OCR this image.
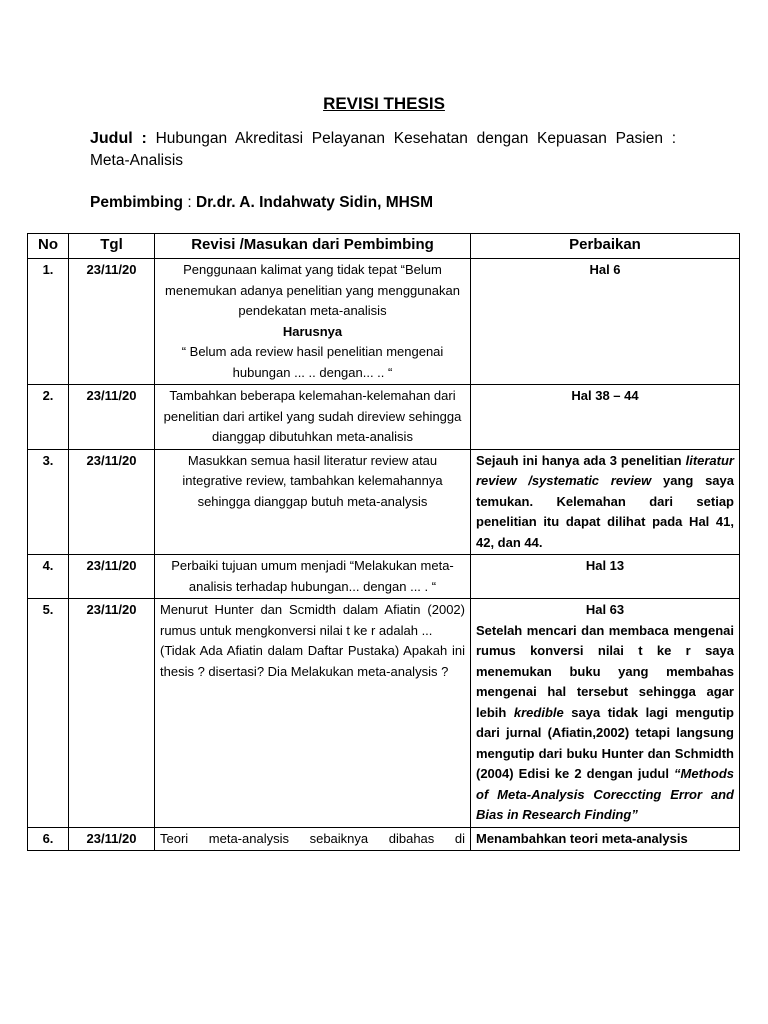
REVISI THESIS
Judul : Hubungan Akreditasi Pelayanan Kesehatan dengan Kepuasan Pasien : Meta-Analisis
Pembimbing : Dr.dr. A. Indahwaty Sidin, MHSM
No	Tgl	Revisi /Masukan dari Pembimbing	Perbaikan
1.	23/11/20	Penggunaan kalimat yang tidak tepat “Belum menemukan adanya penelitian yang menggunakan pendekatan meta-analisis
Harusnya
“ Belum ada review hasil penelitian mengenai hubungan ... .. dengan... .. “	Hal 6

2.	23/11/20	Tambahkan beberapa kelemahan-kelemahan dari penelitian dari artikel yang sudah direview sehingga dianggap dibutuhkan meta-analisis	Hal 38 – 44

3.	23/11/20	Masukkan semua hasil literatur review atau integrative review, tambahkan kelemahannya sehingga dianggap butuh meta-analysis	Sejauh ini hanya ada 3 penelitian literatur review /systematic review yang saya temukan. Kelemahan dari setiap penelitian itu dapat dilihat pada Hal 41, 42, dan 44.
4.	23/11/20	Perbaiki tujuan umum menjadi “Melakukan meta-analisis terhadap hubungan... dengan ... . “	Hal 13

5.	23/11/20	Menurut Hunter dan Scmidth dalam Afiatin (2002) rumus untuk mengkonversi nilai t ke r adalah ...
(Tidak Ada Afiatin dalam Daftar Pustaka) Apakah ini thesis ? disertasi? Dia Melakukan meta-analysis ?	Hal 63
Setelah mencari dan membaca mengenai rumus konversi nilai t ke r saya menemukan buku yang membahas mengenai hal tersebut sehingga agar lebih kredible saya tidak lagi mengutip dari jurnal (Afiatin,2002) tetapi langsung mengutip dari buku Hunter dan Schmidth (2004) Edisi ke 2 dengan judul “Methods of Meta-Analysis Coreccting Error and Bias in Research Finding”
6.	23/11/20	Teori meta-analysis sebaiknya dibahas di	Menambahkan teori meta-analysis
